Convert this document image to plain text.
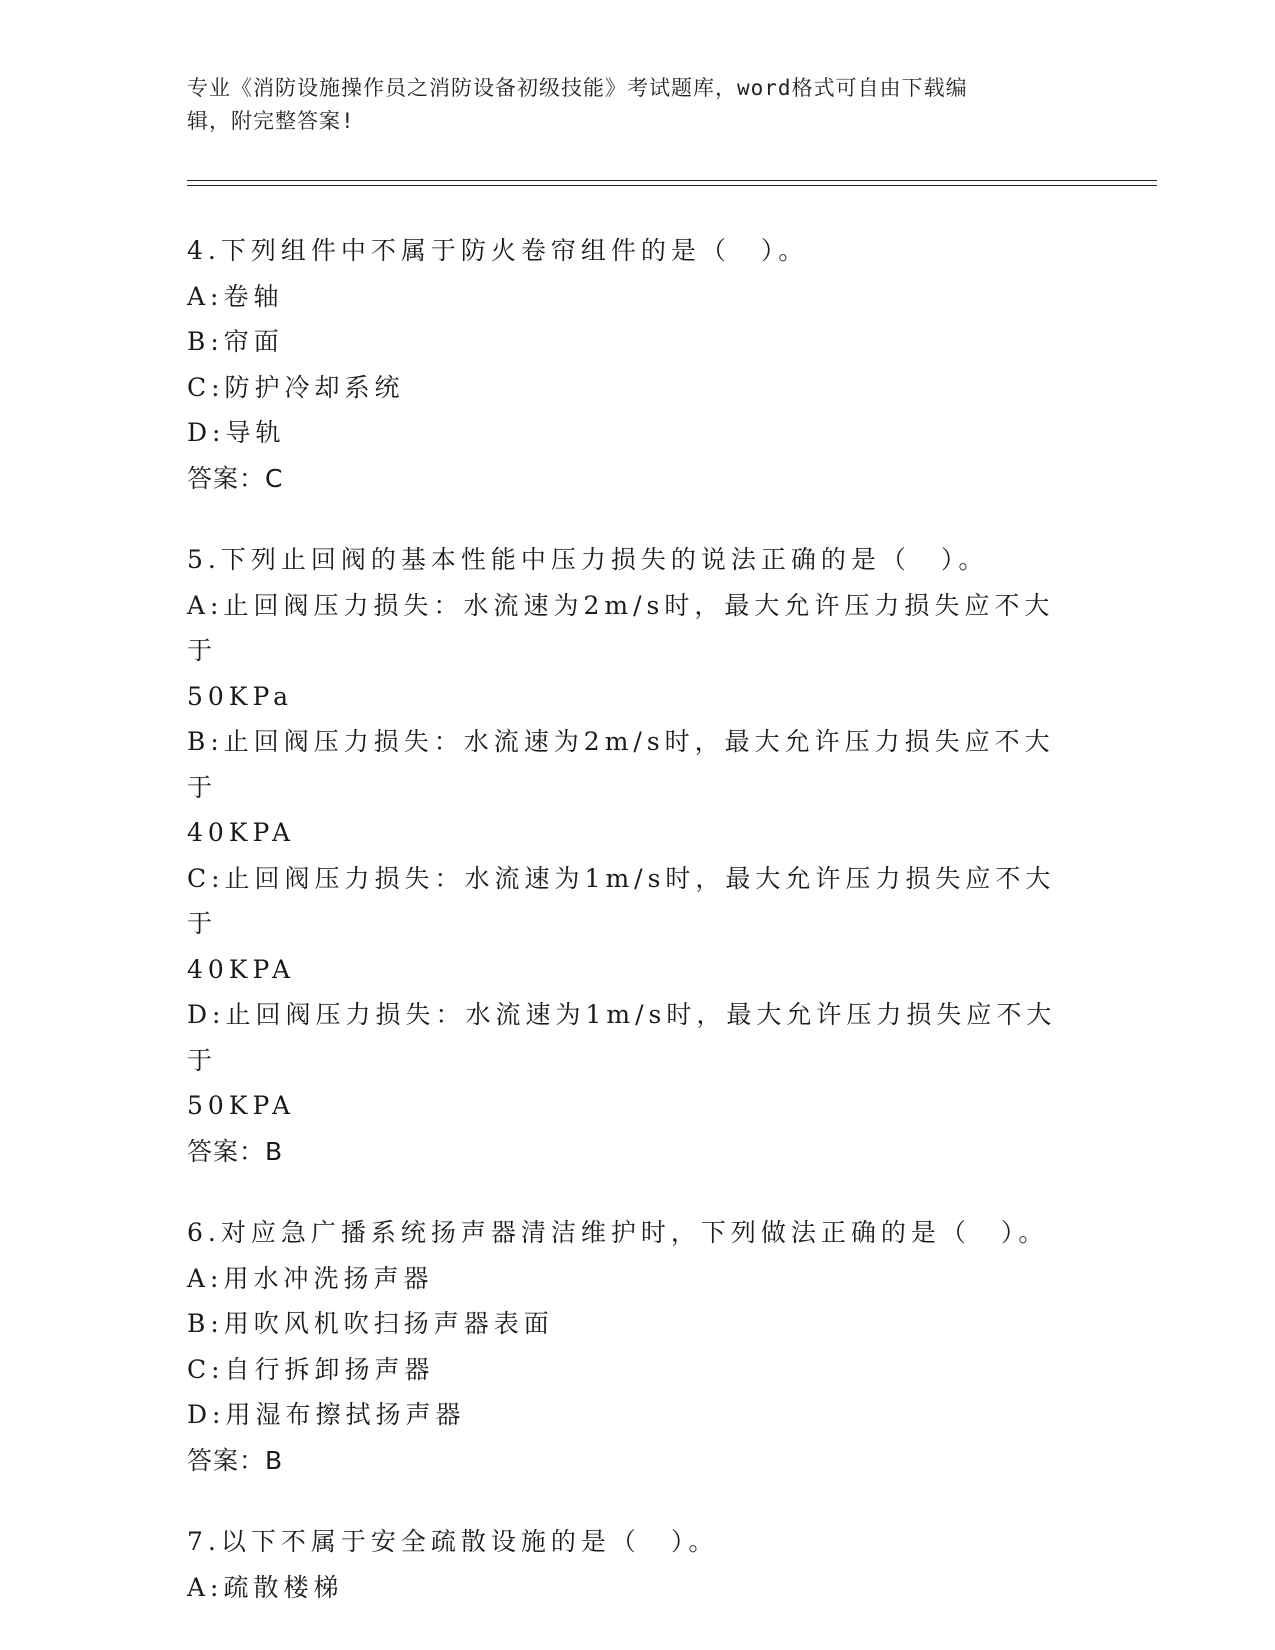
专业《消防设施操作员之消防设备初级技能》考试题库，word格式可自由下载编
辑，附完整答案!
4.下列组件中不属于防火卷帘组件的是（　）。
A:卷轴
B:帘面
C:防护冷却系统
D:导轨
答案：C
5.下列止回阀的基本性能中压力损失的说法正确的是（　）。
A:止回阀压力损失：水流速为2m/s时，最大允许压力损失应不大于
50KPa
B:止回阀压力损失：水流速为2m/s时，最大允许压力损失应不大于
40KPA
C:止回阀压力损失：水流速为1m/s时，最大允许压力损失应不大于
40KPA
D:止回阀压力损失：水流速为1m/s时，最大允许压力损失应不大于
50KPA
答案：B
6.对应急广播系统扬声器清洁维护时，下列做法正确的是（　）。
A:用水冲洗扬声器
B:用吹风机吹扫扬声器表面
C:自行拆卸扬声器
D:用湿布擦拭扬声器
答案：B
7.以下不属于安全疏散设施的是（　）。
A:疏散楼梯
